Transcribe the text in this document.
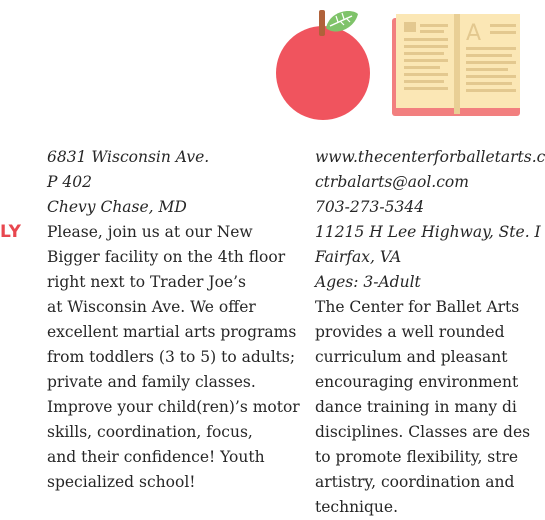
A
LY
6831 Wisconsin Ave.
P 402
Chevy Chase, MD
Please, join us at our New
Bigger facility on the 4th floor
right next to Trader Joe’s
at Wisconsin Ave. We offer
excellent martial arts programs
from toddlers (3 to 5) to adults;
private and family classes.
Improve your child(ren)’s motor
skills, coordination, focus,
and their confidence! Youth
specialized school!
www.thecenterforballetarts.c
ctrbalarts@aol.com
703-273-5344
11215 H Lee Highway, Ste. I
Fairfax, VA
Ages: 3-Adult
The Center for Ballet Arts
provides a well rounded
curriculum and pleasant
encouraging environment
dance training in many di
disciplines. Classes are des
to promote flexibility, stre
artistry, coordination and
technique.
